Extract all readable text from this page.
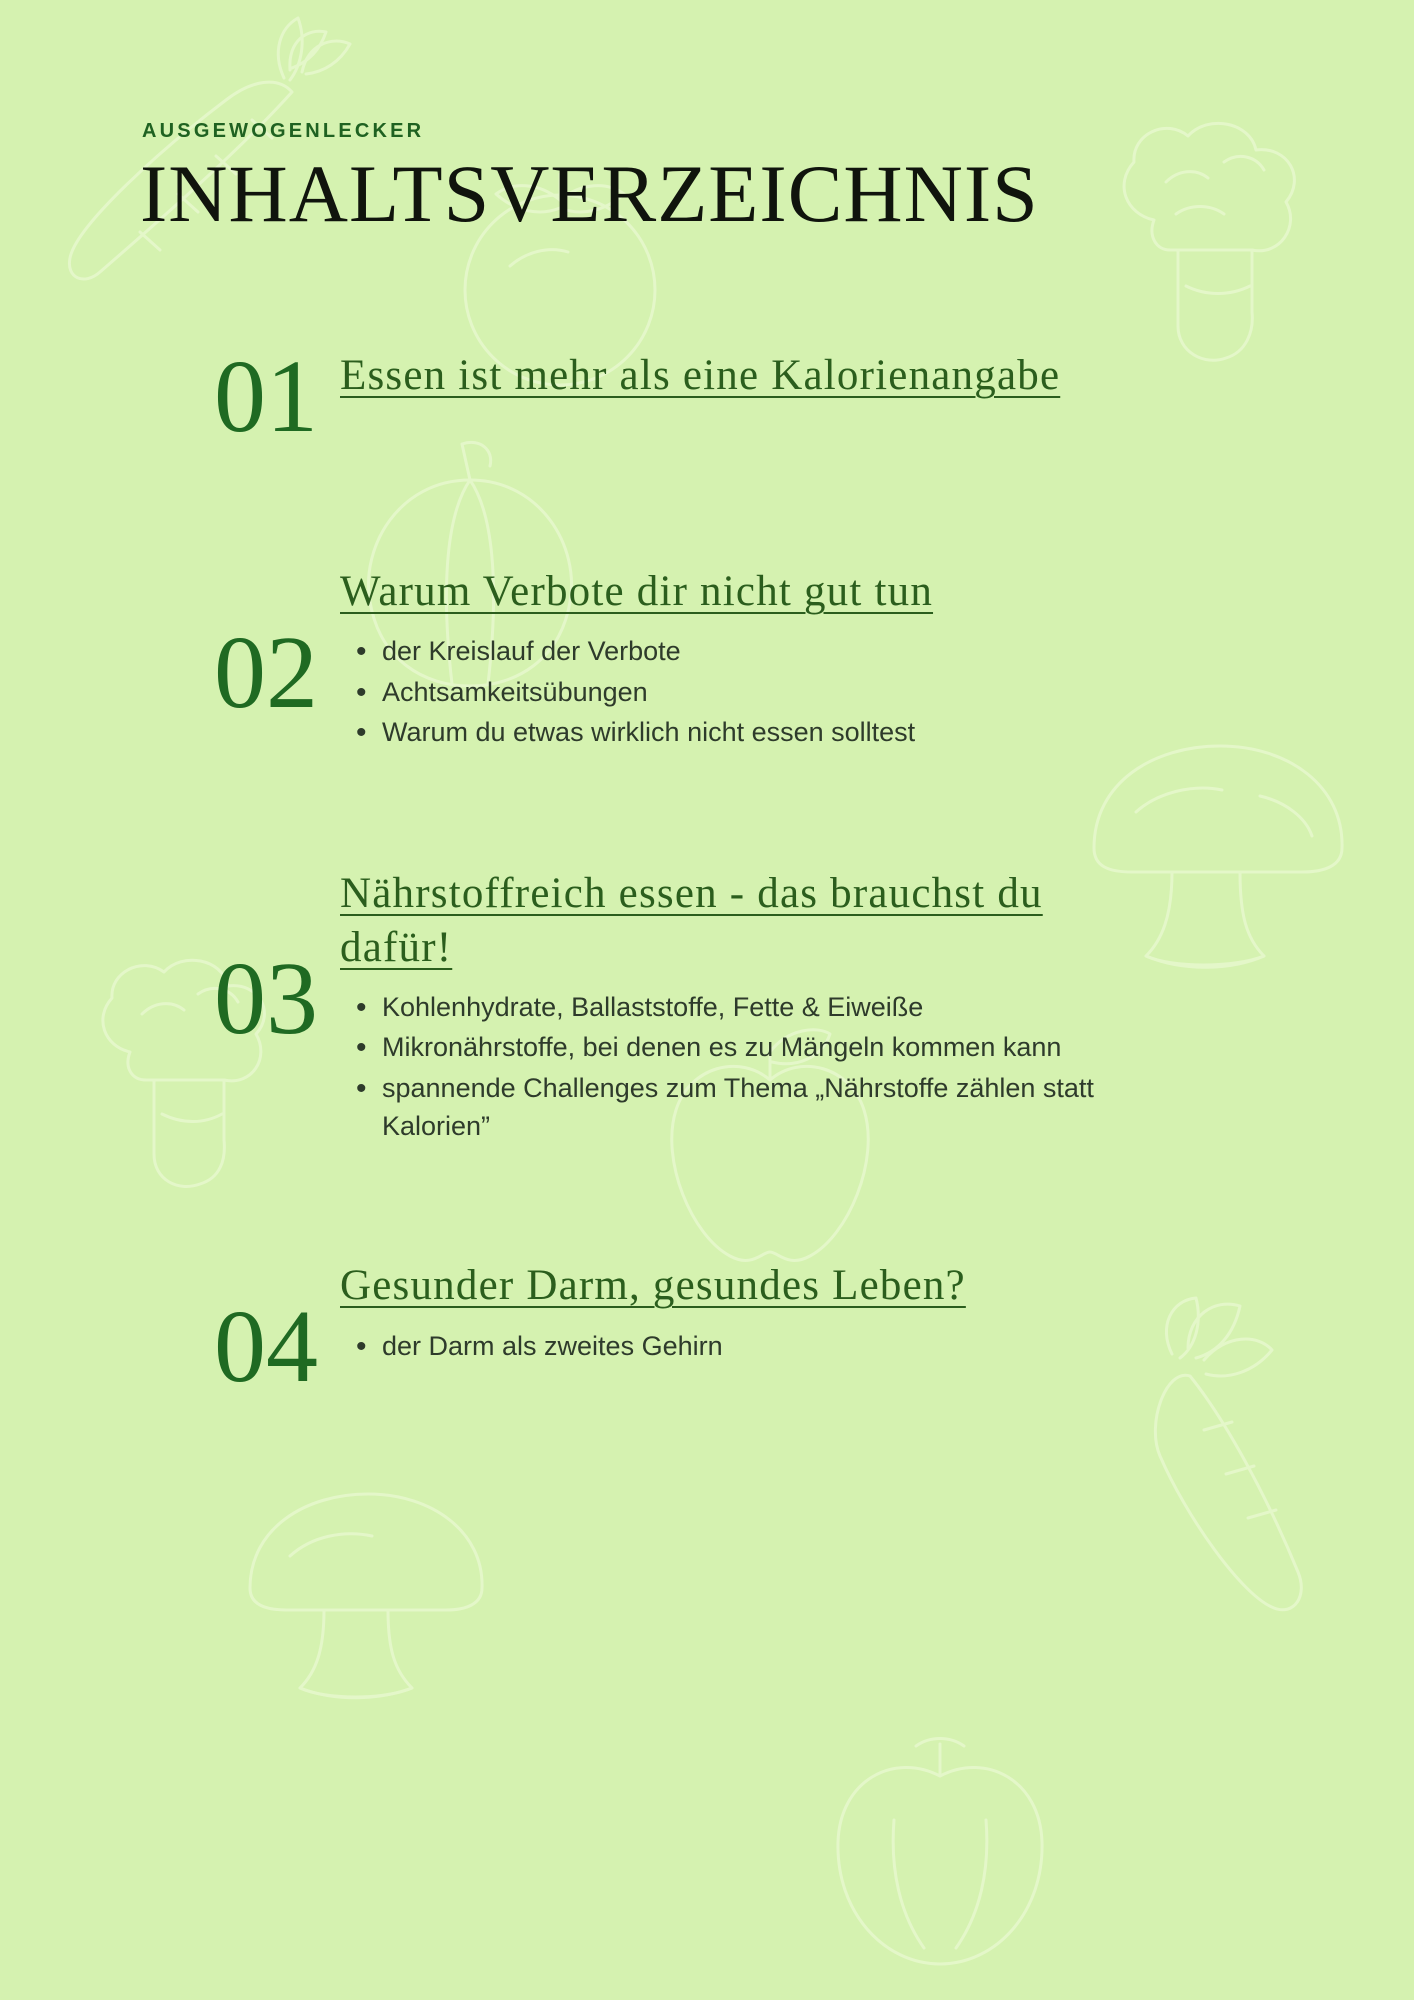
AUSGEWOGENLECKER
INHALTSVERZEICHNIS
01 Essen ist mehr als eine Kalorienangabe
02
Warum Verbote dir nicht gut tun
• der Kreislauf der Verbote
• Achtsamkeitsübungen
• Warum du etwas wirklich nicht essen solltest
03
Nährstoffreich essen - das brauchst du dafür!
• Kohlenhydrate, Ballaststoffe, Fette & Eiweiße
• Mikronährstoffe, bei denen es zu Mängeln kommen kann
• spannende Challenges zum Thema „Nährstoffe zählen statt Kalorien”
04
Gesunder Darm, gesundes Leben?
• der Darm als zweites Gehirn
